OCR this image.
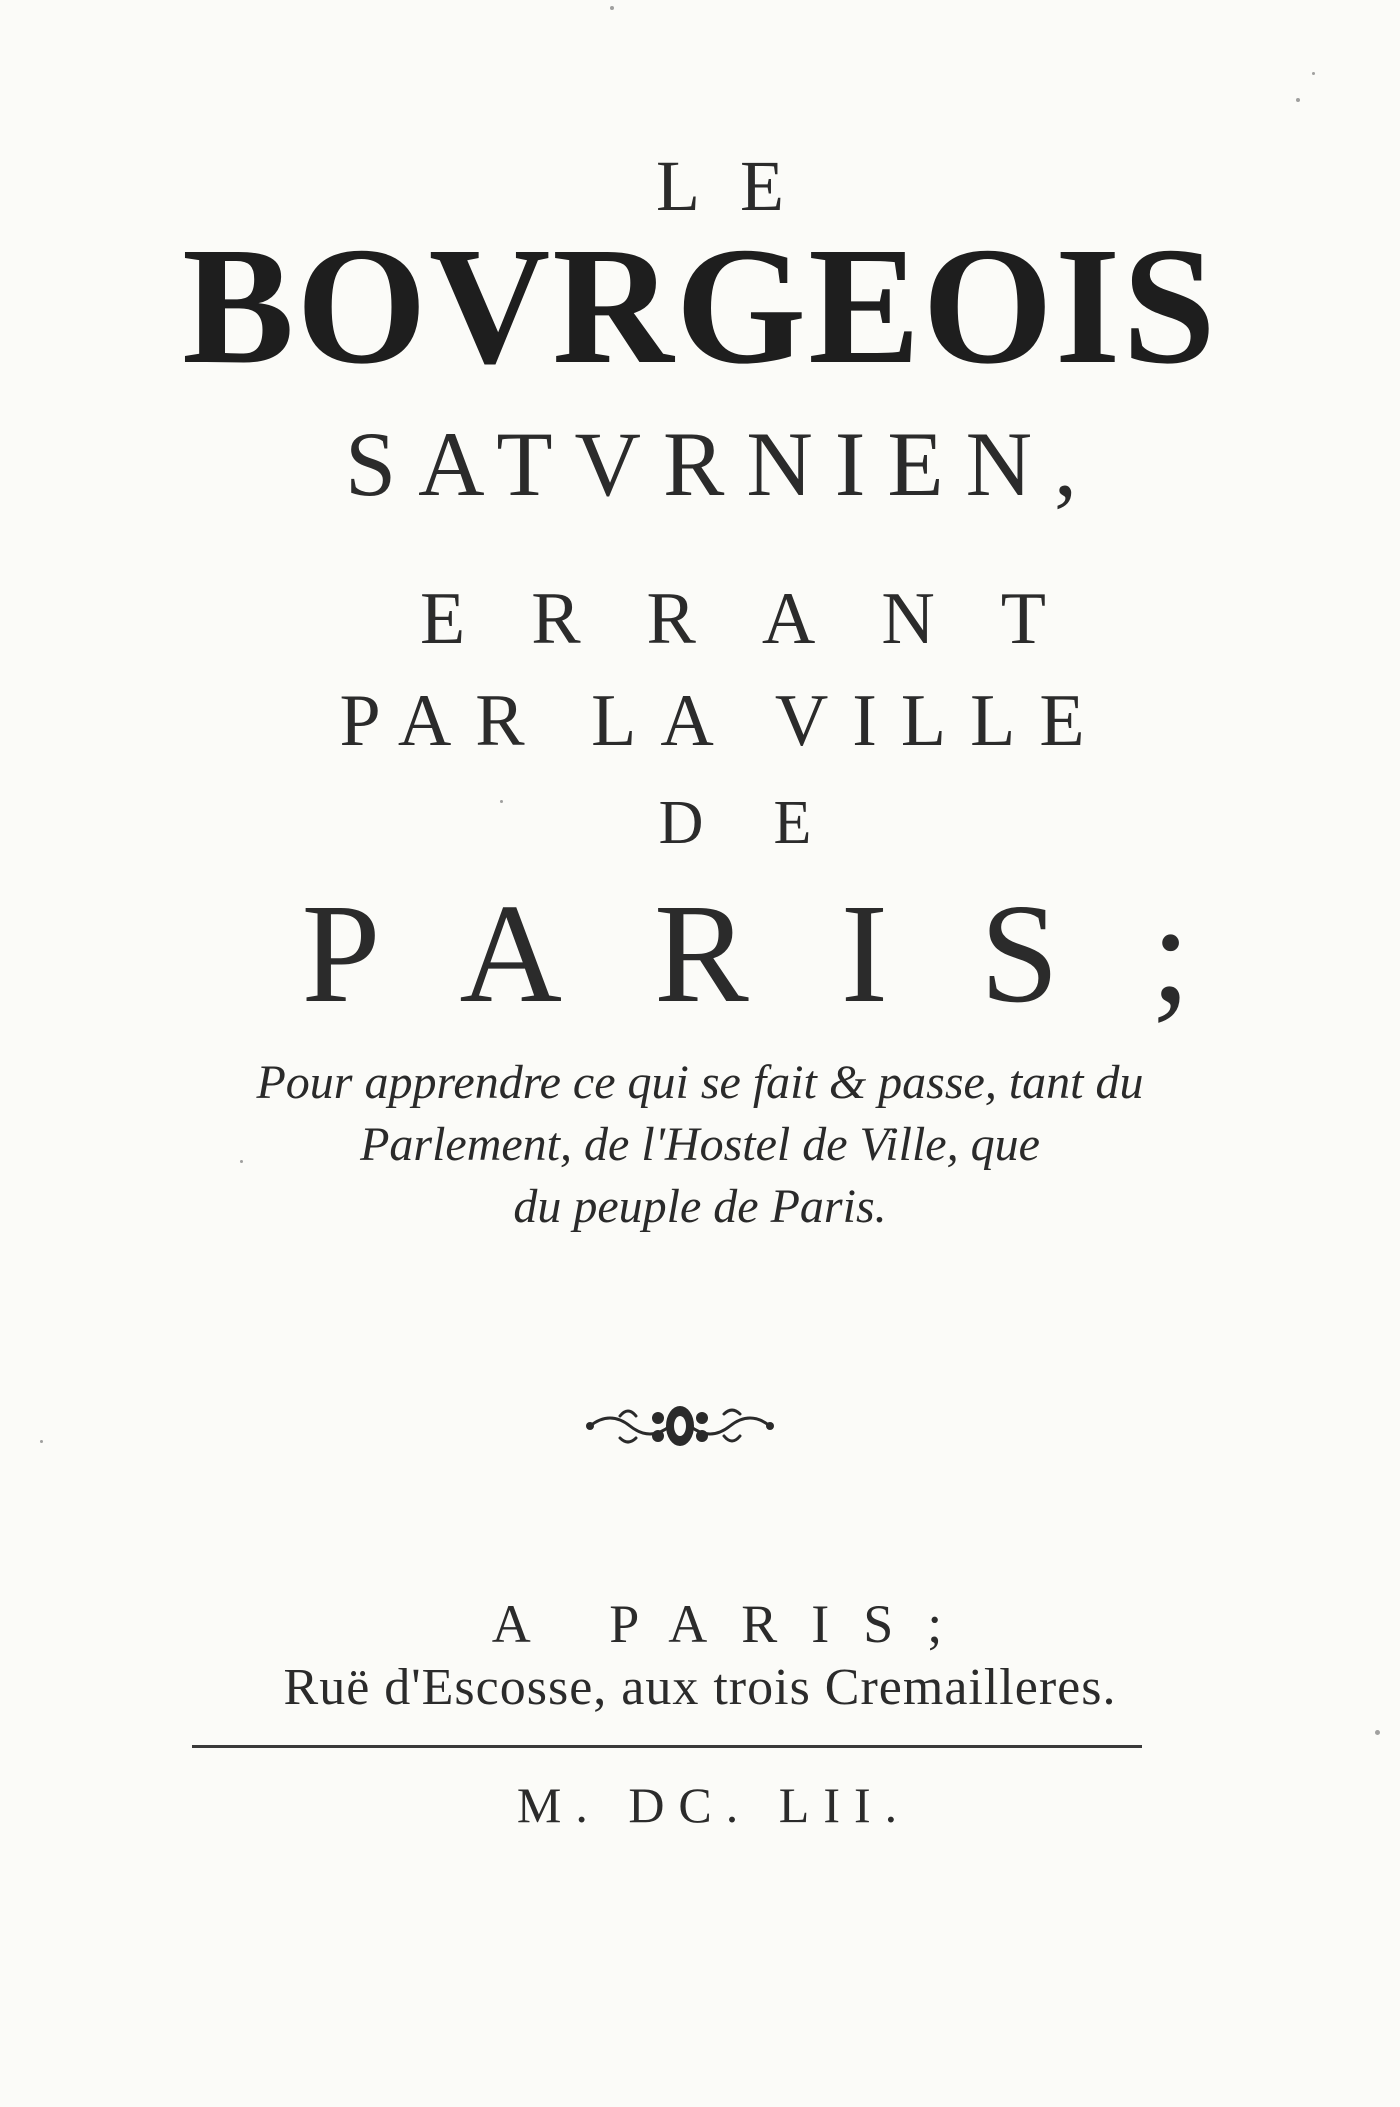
LE
BOVRGEOIS
SATVRNIEN,
ERRANT
PAR LA VILLE
DE
PARIS;
Pour apprendre ce qui se fait & passe, tant du
Parlement, de l'Hostel de Ville, que
du peuple de Paris.
A PARIS;
Ruë d'Escosse, aux trois Cremailleres.
M. DC. LII.
